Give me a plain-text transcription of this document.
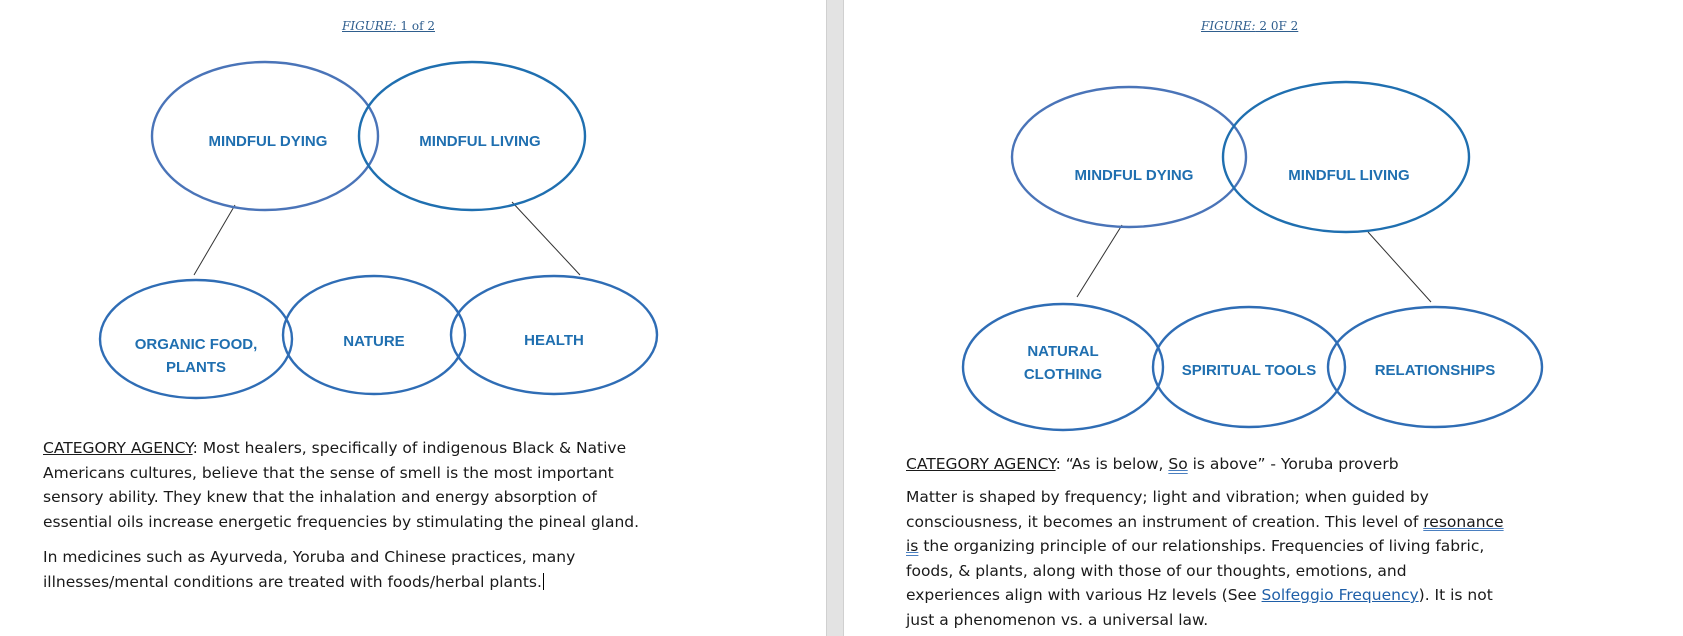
FIGURE: 1 of 2
MINDFUL DYING	MINDFUL LIVING
ORGANIC FOOD,
PLANTS
NATURE	HEALTH

CATEGORY AGENCY: Most healers, specifically of indigenous Black & Native
Americans cultures, believe that the sense of smell is the most important
sensory ability. They knew that the inhalation and energy absorption of
essential oils increase energetic frequencies by stimulating the pineal gland.

In medicines such as Ayurveda, Yoruba and Chinese practices, many
illnesses/mental conditions are treated with foods/herbal plants.

FIGURE: 2 0F 2
MINDFUL DYING	MINDFUL LIVING
NATURAL
CLOTHING	SPIRITUAL TOOLS	RELATIONSHIPS

CATEGORY AGENCY: “As is below, So is above” - Yoruba proverb

Matter is shaped by frequency; light and vibration; when guided by
consciousness, it becomes an instrument of creation. This level of resonance
is the organizing principle of our relationships. Frequencies of living fabric,
foods, & plants, along with those of our thoughts, emotions, and
experiences align with various Hz levels (See Solfeggio Frequency). It is not
just a phenomenon vs. a universal law.
